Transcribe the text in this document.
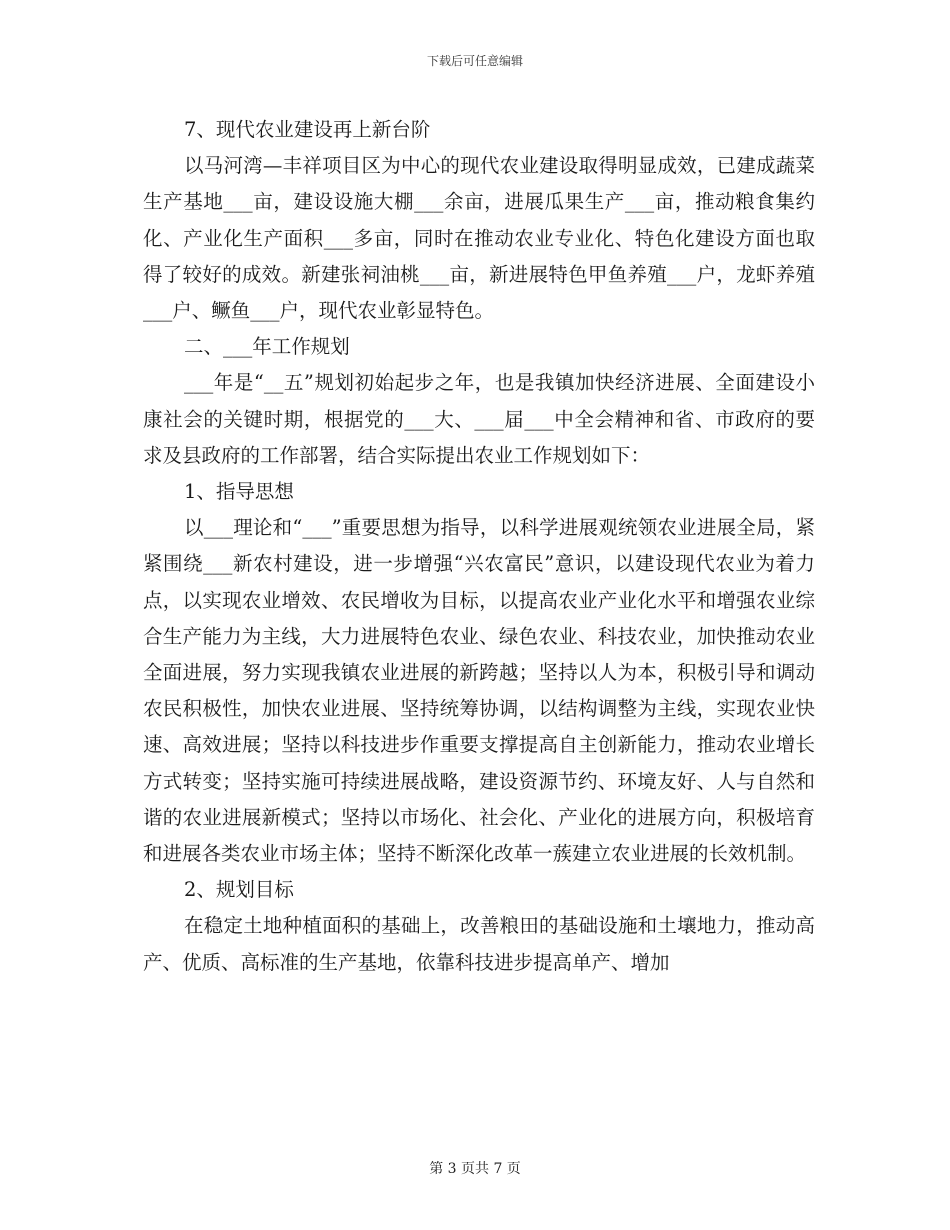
下载后可任意编辑

7、现代农业建设再上新台阶

以马河湾—丰祥项目区为中心的现代农业建设取得明显成效，已建成蔬菜生产基地___亩，建设设施大棚___余亩，进展瓜果生产___亩，推动粮食集约化、产业化生产面积___多亩，同时在推动农业专业化、特色化建设方面也取得了较好的成效。新建张祠油桃___亩，新进展特色甲鱼养殖___户，龙虾养殖___户、鳜鱼___户，现代农业彰显特色。

二、___年工作规划

___年是“__五”规划初始起步之年，也是我镇加快经济进展、全面建设小康社会的关键时期，根据党的___大、___届___中全会精神和省、市政府的要求及县政府的工作部署，结合实际提出农业工作规划如下：

1、指导思想

以___理论和“___”重要思想为指导，以科学进展观统领农业进展全局，紧紧围绕___新农村建设，进一步增强“兴农富民”意识，以建设现代农业为着力点，以实现农业增效、农民增收为目标，以提高农业产业化水平和增强农业综合生产能力为主线，大力进展特色农业、绿色农业、科技农业，加快推动农业全面进展，努力实现我镇农业进展的新跨越；坚持以人为本，积极引导和调动农民积极性，加快农业进展、坚持统筹协调，以结构调整为主线，实现农业快速、高效进展；坚持以科技进步作重要支撑提高自主创新能力，推动农业增长方式转变；坚持实施可持续进展战略，建设资源节约、环境友好、人与自然和谐的农业进展新模式；坚持以市场化、社会化、产业化的进展方向，积极培育和进展各类农业市场主体；坚持不断深化改革一蔟建立农业进展的长效机制。

2、规划目标

在稳定土地种植面积的基础上，改善粮田的基础设施和土壤地力，推动高产、优质、高标准的生产基地，依靠科技进步提高单产、增加

第 3 页共 7 页
